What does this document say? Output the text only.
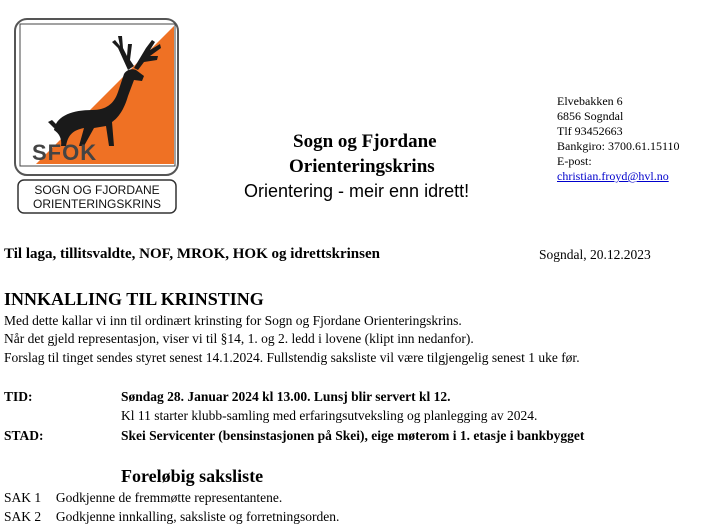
SFOK
SOGN OG FJORDANE
ORIENTERINGSKRINS
Sogn og Fjordane
Orienteringskrins
Orientering - meir enn idrett!
Elvebakken 6
6856 Sogndal
Tlf 93452663
Bankgiro: 3700.61.15110
E-post:
christian.froyd@hvl.no
Til laga, tillitsvaldte, NOF, MROK, HOK og idrettskrinsen	Sogndal, 20.12.2023
INNKALLING TIL KRINSTING
Med dette kallar vi inn til ordinært krinsting for Sogn og Fjordane Orienteringskrins.
Når det gjeld representasjon, viser vi til §14, 1. og 2. ledd i lovene (klipt inn nedanfor).
Forslag til tinget sendes styret senest 14.1.2024. Fullstendig saksliste vil være tilgjengelig senest 1 uke før.
TID:	Søndag 28. Januar 2024 kl 13.00. Lunsj blir servert kl 12.
Kl 11 starter klubb-samling med erfaringsutveksling og planlegging av 2024.
STAD:	Skei Servicenter (bensinstasjonen på Skei), eige møterom i 1. etasje i bankbygget
Foreløbig saksliste
SAK 1 Godkjenne de fremmøtte representantene.
SAK 2 Godkjenne innkalling, saksliste og forretningsorden.
